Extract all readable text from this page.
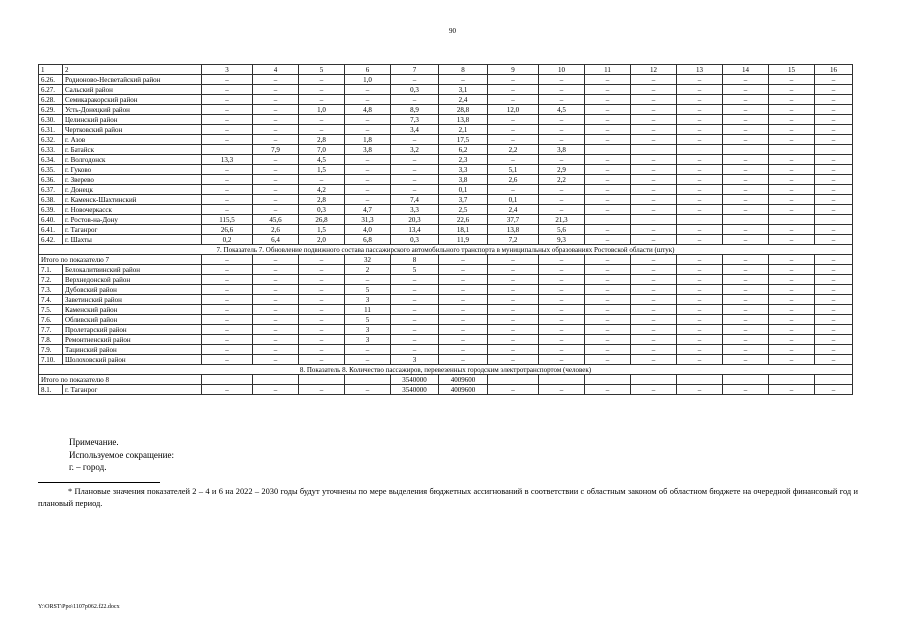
90
1	2	3	4	5	6	7	8	9	10	11	12	13	14	15	16
6.26.	Родионово-Несветайский район	–	–	–	1,0	–	–	–	–	–	–	–	–	–	–
6.27.	Сальский район	–	–	–	–	0,3	3,1	–	–	–	–	–	–	–	–
6.28.	Семикаракорский район	–	–	–	–	–	2,4	–	–	–	–	–	–	–	–
6.29.	Усть-Донецкий район	–	–	1,0	4,8	8,9	28,8	12,0	4,5	–	–	–	–	–	–
6.30.	Целинский район	–	–	–	–	7,3	13,8	–	–	–	–	–	–	–	–
6.31.	Чертковский район	–	–	–	–	3,4	2,1	–	–	–	–	–	–	–	–
6.32.	г. Азов	–	–	2,8	1,8	–	17,5	–	–	–	–	–	–	–	–
6.33.	г. Батайск		7,9	7,0	3,8	3,2	6,2	2,2	3,8						
6.34.	г. Волгодонск	13,3	–	4,5	–	–	2,3	–	–	–	–	–	–	–	–
6.35.	г. Гуково	–	–	1,5	–	–	3,3	5,1	2,9	–	–	–	–	–	–
6.36.	г. Зверево	–	–	–	–	–	3,8	2,6	2,2	–	–	–	–	–	–
6.37.	г. Донецк	–	–	4,2	–	–	0,1	–	–	–	–	–	–	–	–
6.38.	г. Каменск-Шахтинский	–	–	2,8	–	7,4	3,7	0,1	–	–	–	–	–	–	–
6.39.	г. Новочеркасск	–	–	0,3	4,7	3,3	2,5	2,4	–	–	–	–	–	–	–
6.40.	г. Ростов-на-Дону	115,5	45,6	26,8	31,3	20,3	22,6	37,7	21,3						
6.41.	г. Таганрог	26,6	2,6	1,5	4,0	13,4	18,1	13,8	5,6	–	–	–	–	–	–
6.42.	г. Шахты	0,2	6,4	2,0	6,8	0,3	11,9	7,2	9,3	–	–	–	–	–	–
7. Показатель 7. Обновление подвижного состава пассажирского автомобильного транспорта в муниципальных образованиях Ростовской области (штук)															
Итого по показателю 7		–	–	–	32	8	–	–	–	–	–	–	–	–	–
7.1.	Белокалитвинский район	–	–	–	2	5	–	–	–	–	–	–	–	–	–
7.2.	Верхнедонской район	–	–	–	–	–	–	–	–	–	–	–	–	–	–
7.3.	Дубовский район	–	–	–	5	–	–	–	–	–	–	–	–	–	–
7.4.	Заветинский район	–	–	–	3	–	–	–	–	–	–	–	–	–	–
7.5.	Каменский район	–	–	–	11	–	–	–	–	–	–	–	–	–	–
7.6.	Обливский район	–	–	–	5	–	–	–	–	–	–	–	–	–	–
7.7.	Пролетарский район	–	–	–	3	–	–	–	–	–	–	–	–	–	–
7.8.	Ремонтненский район	–	–	–	3	–	–	–	–	–	–	–	–	–	–
7.9.	Тацинский район	–	–	–	–	–	–	–	–	–	–	–	–	–	–
7.10.	Шолоховский район	–	–	–	–	3	–	–	–	–	–	–	–	–	–
8. Показатель 8. Количество пассажиров, перевезенных городским электротранспортом (человек)															
Итого по показателю 8						3540000	4009600								
8.1.	г. Таганрог	–	–	–	–	3540000	4009600	–	–	–	–	–	–	–	–
Примечание.
Используемое сокращение:
г. – город.
* Плановые значения показателей 2 – 4 и 6 на 2022 – 2030 годы будут уточнены по мере выделения бюджетных ассигнований в соответствии с областным законом об областном бюджете на очередной финансовый год и плановый период.
Y:\ORST\Ppo\1107p062.f22.docx
